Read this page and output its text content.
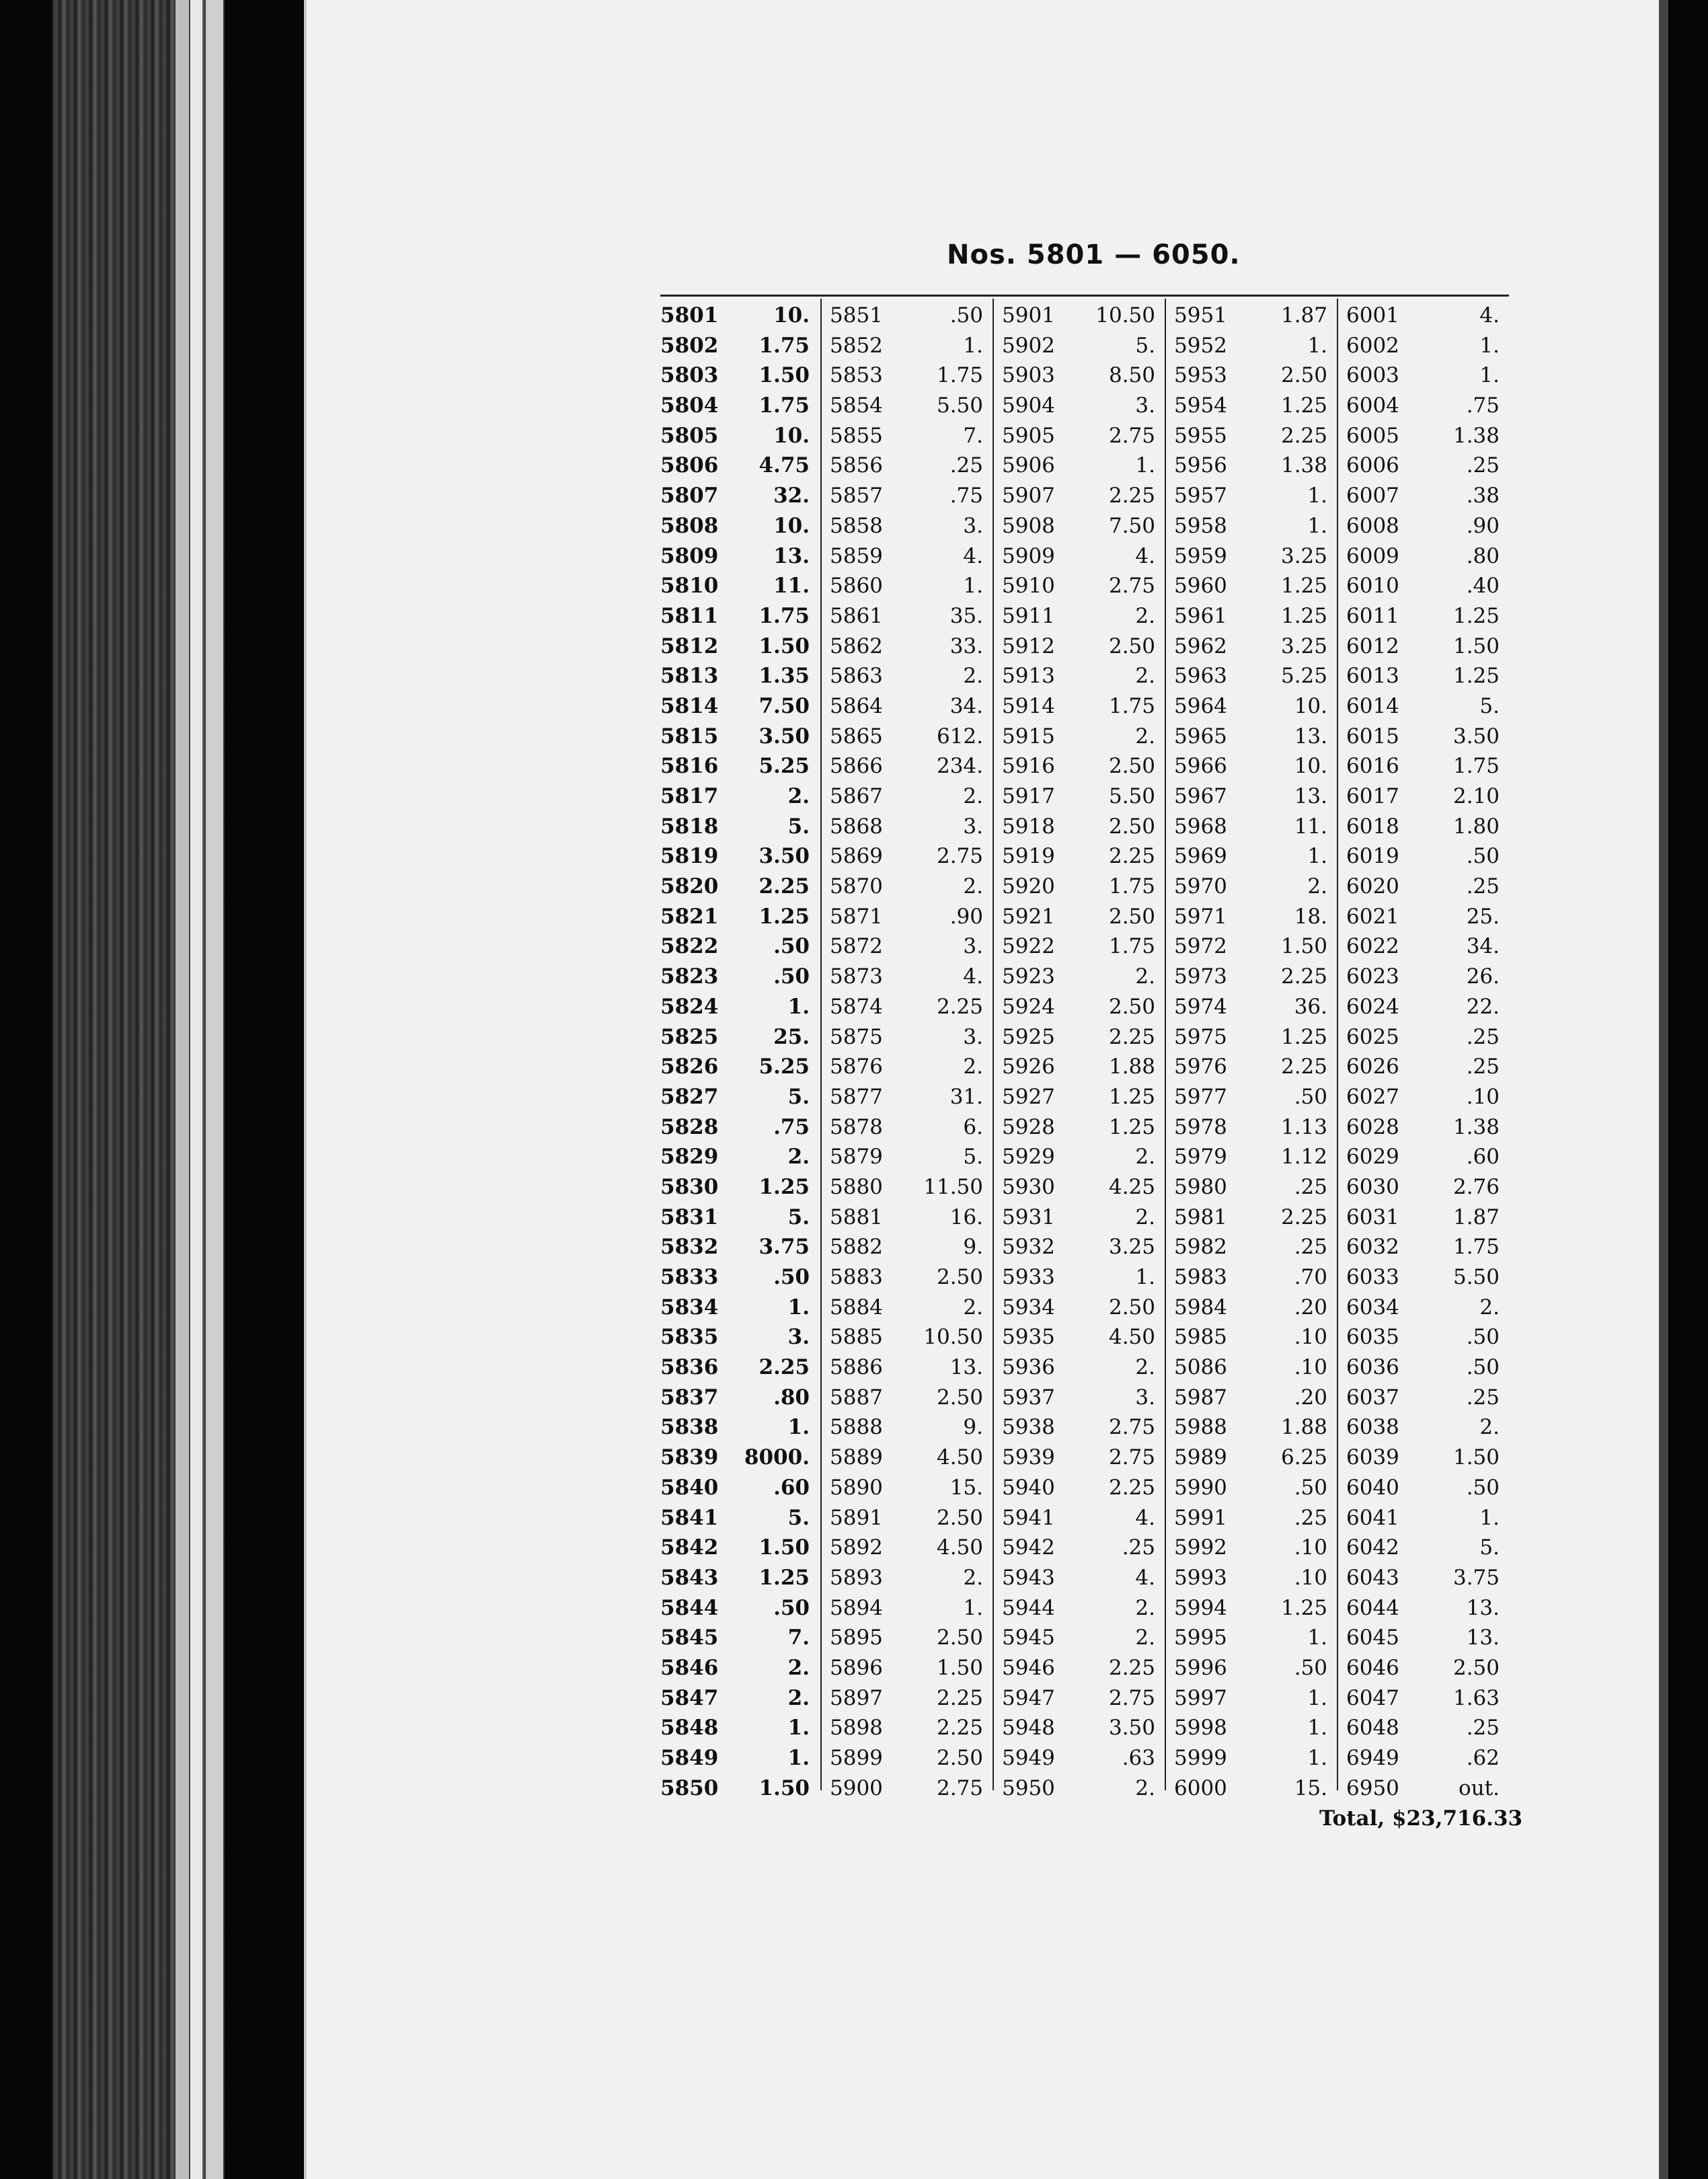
Nos. 5801 — 6050.
5801	10.
5802 1.75
5803 1.50
5804 1.75
5805	10.
5806 4.75
5807	32.
5808	10.
5809	13.
5810	11.
5811 1.75
5812 1.50
5813 1.35
5814 7.50
5815 3.50
5816 5.25
5817	2.
5818	5.
5819 3.50
5820 2.25
5821 1.25
5822	.50
5823	.50
5824	1.
5825	25.
5826 5.25
5827	5.
5828	.75
5829	2.
5830 1.25
5831	5.
5832 3.75
5833	.50
5834	1.
5835	3.
5836 2.25
5837	.80
5838	1.
5839 8000.
5840	.60
5841	5.
5842 1.50
5843 1.25
5844	.50
5845	7.
5846	2.
5847	2.
5848	1.
5849	1.
5850 1.50
5851	.50
5852	1.
5853	1.75
5854	5.50
5855	7.
5856	.25
5857	.75
5858	3.
5859	4.
5860	1.
5861	35.
5862	33.
5863	2.
5864	34.
5865	612.
5866	234.
5867	2.
5868	3.
5869	2.75
5870	2.
5871	.90
5872	3.
5873	4.
5874	2.25
5875	3.
5876	2.
5877	31.
5878	6.
5879	5.
5880 11.50
5881	16.
5882	9.
5883	2.50
5884	2.
5885 10.50
5886	13.
5887	2.50
5888	9.
5889	4.50
5890	15.
5891	2.50
5892	4.50
5893	2.
5894	1.
5895	2.50
5896	1.50
5897	2.25
5898	2.25
5899	2.50
5900	2.75
5901 10.50
5902	5.
5903	8.50
5904	3.
5905	2.75
5906	1.
5907	2.25
5908	7.50
5909	4.
5910	2.75
5911	2.
5912	2.50
5913	2.
5914	1.75
5915	2.
5916	2.50
5917	5.50
5918	2.50
5919	2.25
5920	1.75
5921	2.50
5922	1.75
5923	2.
5924	2.50
5925	2.25
5926	1.88
5927	1.25
5928	1.25
5929	2.
5930	4.25
5931	2.
5932	3.25
5933	1.
5934	2.50
5935	4.50
5936	2.
5937	3.
5938	2.75
5939	2.75
5940	2.25
5941	4.
5942	.25
5943	4.
5944	2.
5945	2.
5946	2.25
5947	2.75
5948	3.50
5949	.63
5950	2.
5951	1.87
5952	1.
5953	2.50
5954	1.25
5955	2.25
5956	1.38
5957	1.
5958	1.
5959	3.25
5960	1.25
5961	1.25
5962	3.25
5963	5.25
5964	10.
5965	13.
5966	10.
5967	13.
5968	11.
5969	1.
5970	2.
5971	18.
5972	1.50
5973	2.25
5974	36.
5975	1.25
5976	2.25
5977	.50
5978	1.13
5979	1.12
5980	.25
5981	2.25
5982	.25
5983	.70
5984	.20
5985	.10
5086	.10
5987	.20
5988	1.88
5989	6.25
5990	.50
5991	.25
5992	.10
5993	.10
5994	1.25
5995	1.
5996	.50
5997	1.
5998	1.
5999	1.
6000	15.
6001	4.
6002	1.
6003	1.
6004	.75
6005	1.38
6006	.25
6007	.38
6008	.90
6009	.80
6010	.40
6011	1.25
6012	1.50
6013	1.25
6014	5.
6015	3.50
6016	1.75
6017	2.10
6018	1.80
6019	.50
6020	.25
6021	25.
6022	34.
6023	26.
6024	22.
6025	.25
6026	.25
6027	.10
6028	1.38
6029	.60
6030	2.76
6031	1.87
6032	1.75
6033	5.50
6034	2.
6035	.50
6036	.50
6037	.25
6038	2.
6039	1.50
6040	.50
6041	1.
6042	5.
6043	3.75
6044	13.
6045	13.
6046	2.50
6047	1.63
6048	.25
6949	.62
6950	out.
Total, $23,716.33
